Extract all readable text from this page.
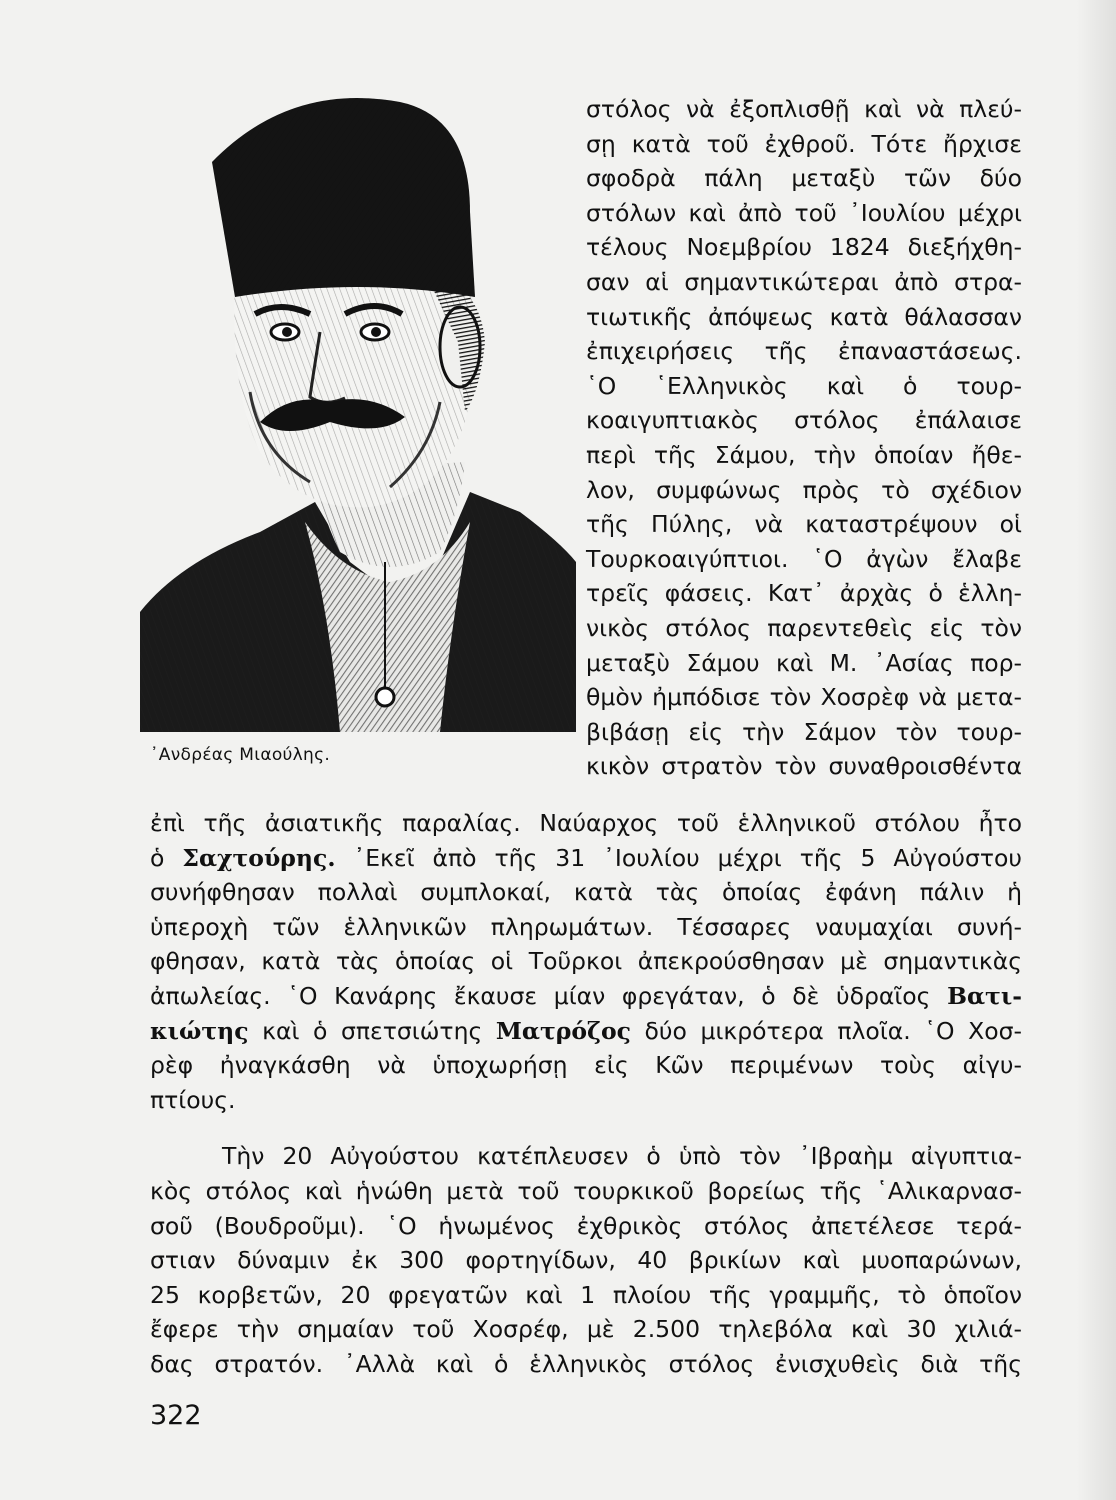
᾿Ανδρέας Μιαούλης.
στόλος νὰ ἐξοπλισθῇ καὶ νὰ πλεύ-
σῃ κατὰ τοῦ ἐχθροῦ. Τότε ἤρχισε
σφοδρὰ πάλη μεταξὺ τῶν δύο
στόλων καὶ ἀπὸ τοῦ ᾿Ιουλίου μέχρι
τέλους Νοεμβρίου 1824 διεξήχθη-
σαν αἱ σημαντικώτεραι ἀπὸ στρα-
τιωτικῆς ἀπόψεως κατὰ θάλασσαν
ἐπιχειρήσεις τῆς ἐπαναστάσεως.
῾Ο ῾Ελληνικὸς καὶ ὁ τουρ-
κοαιγυπτιακὸς στόλος ἐπάλαισε
περὶ τῆς Σάμου, τὴν ὁποίαν ἤθε-
λον, συμφώνως πρὸς τὸ σχέδιον
τῆς Πύλης, νὰ καταστρέψουν οἱ
Τουρκοαιγύπτιοι. ῾Ο ἀγὼν ἔλαβε
τρεῖς φάσεις. Κατ᾿ ἀρχὰς ὁ ἑλλη-
νικὸς στόλος παρεντεθεὶς εἰς τὸν
μεταξὺ Σάμου καὶ Μ. ᾿Ασίας πορ-
θμὸν ἠμπόδισε τὸν Χοσρὲφ νὰ μετα-
βιβάσῃ εἰς τὴν Σάμον τὸν τουρ-
κικὸν στρατὸν τὸν συναθροισθέντα
ἐπὶ τῆς ἀσιατικῆς παραλίας. Ναύαρχος τοῦ ἑλληνικοῦ στόλου ἦτο
ὁ Σαχτούρης. ᾿Εκεῖ ἀπὸ τῆς 31 ᾿Ιουλίου μέχρι τῆς 5 Αὐγούστου
συνήφθησαν πολλαὶ συμπλοκαί, κατὰ τὰς ὁποίας ἐφάνη πάλιν ἡ
ὑπεροχὴ τῶν ἑλληνικῶν πληρωμάτων. Τέσσαρες ναυμαχίαι συνή-
φθησαν, κατὰ τὰς ὁποίας οἱ Τοῦρκοι ἀπεκρούσθησαν μὲ σημαντικὰς
ἀπωλείας. ῾Ο Κανάρης ἔκαυσε μίαν φρεγάταν, ὁ δὲ ὑδραῖος Βατι-
κιώτης καὶ ὁ σπετσιώτης Ματρόζος δύο μικρότερα πλοῖα. ῾Ο Χοσ-
ρὲφ ἠναγκάσθη νὰ ὑποχωρήσῃ εἰς Κῶν περιμένων τοὺς αἰγυ-
πτίους.
Τὴν 20 Αὐγούστου κατέπλευσεν ὁ ὑπὸ τὸν ᾿Ιβραὴμ αἰγυπτια-
κὸς στόλος καὶ ἡνώθη μετὰ τοῦ τουρκικοῦ βορείως τῆς ῾Αλικαρνασ-
σοῦ (Βουδροῦμι). ῾Ο ἡνωμένος ἐχθρικὸς στόλος ἀπετέλεσε τερά-
στιαν δύναμιν ἐκ 300 φορτηγίδων, 40 βρικίων καὶ μυοπαρώνων,
25 κορβετῶν, 20 φρεγατῶν καὶ 1 πλοίου τῆς γραμμῆς, τὸ ὁποῖον
ἔφερε τὴν σημαίαν τοῦ Χοσρέφ, μὲ 2.500 τηλεβόλα καὶ 30 χιλιά-
δας στρατόν. ᾿Αλλὰ καὶ ὁ ἑλληνικὸς στόλος ἐνισχυθεὶς διὰ τῆς
322
